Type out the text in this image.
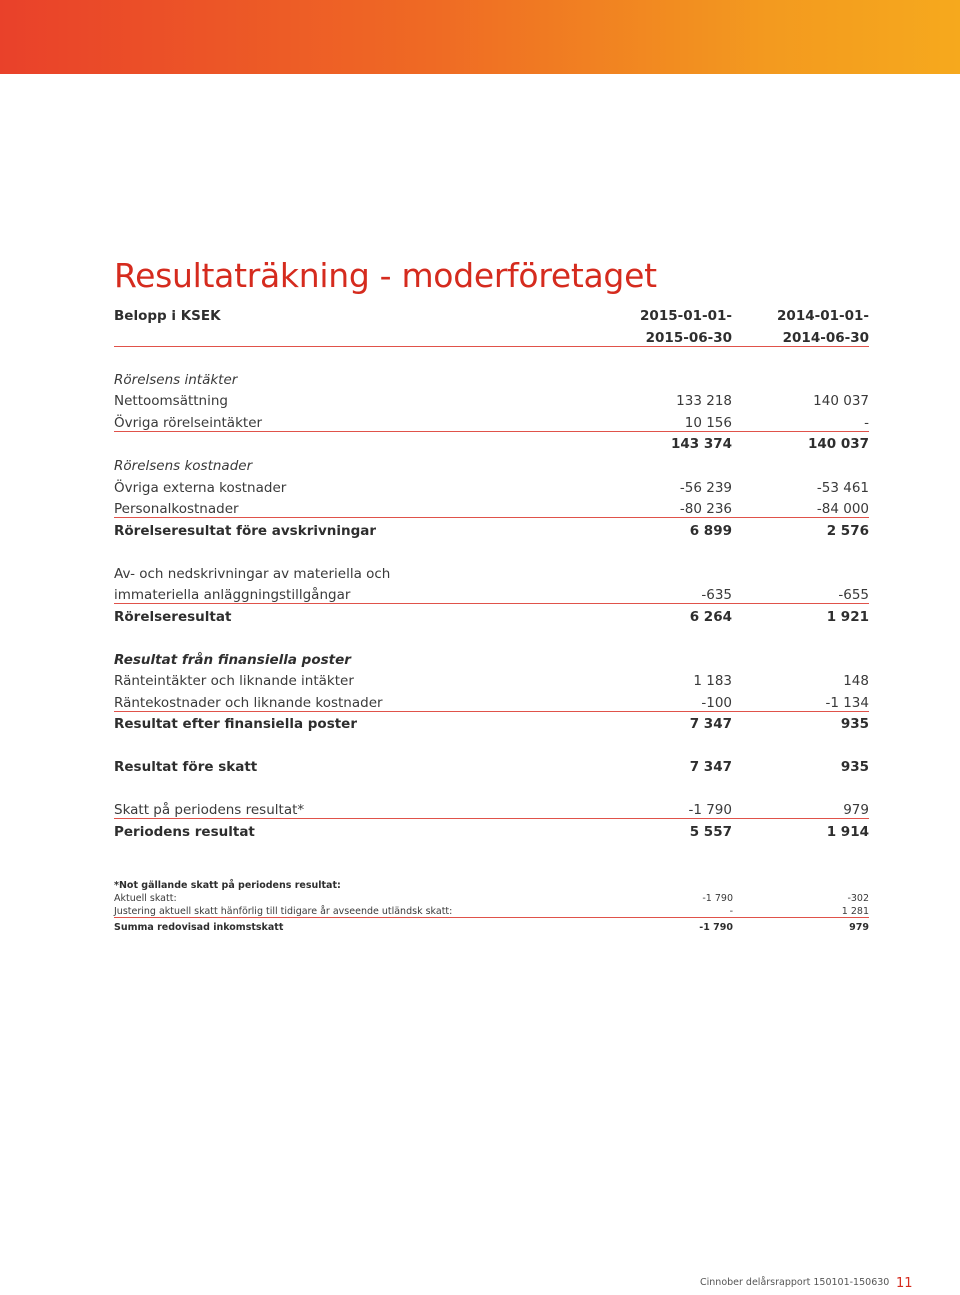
Resultaträkning - moderföretaget
Belopp i KSEK	2015-01-01-	2014-01-01-
2015-06-30	2014-06-30
Rörelsens intäkter
Nettoomsättning	133 218	140 037
Övriga rörelseintäkter	10 156	-
143 374	140 037
Rörelsens kostnader
Övriga externa kostnader	-56 239	-53 461
Personalkostnader	-80 236	-84 000
Rörelseresultat före avskrivningar	6 899	2 576
Av- och nedskrivningar av materiella och
immateriella anläggningstillgångar	-635	-655
Rörelseresultat	6 264	1 921
Resultat från finansiella poster
Ränteintäkter och liknande intäkter	1 183	148
Räntekostnader och liknande kostnader	-100	-1 134
Resultat efter finansiella poster	7 347	935
Resultat före skatt	7 347	935
Skatt på periodens resultat*	-1 790	979
Periodens resultat	5 557	1 914
*Not gällande skatt på periodens resultat:
Aktuell skatt:	-1 790	-302
Justering aktuell skatt hänförlig till tidigare år avseende utländsk skatt:	-	1 281
Summa redovisad inkomstskatt	-1 790	979
Cinnober delårsrapport 150101-150630 11
